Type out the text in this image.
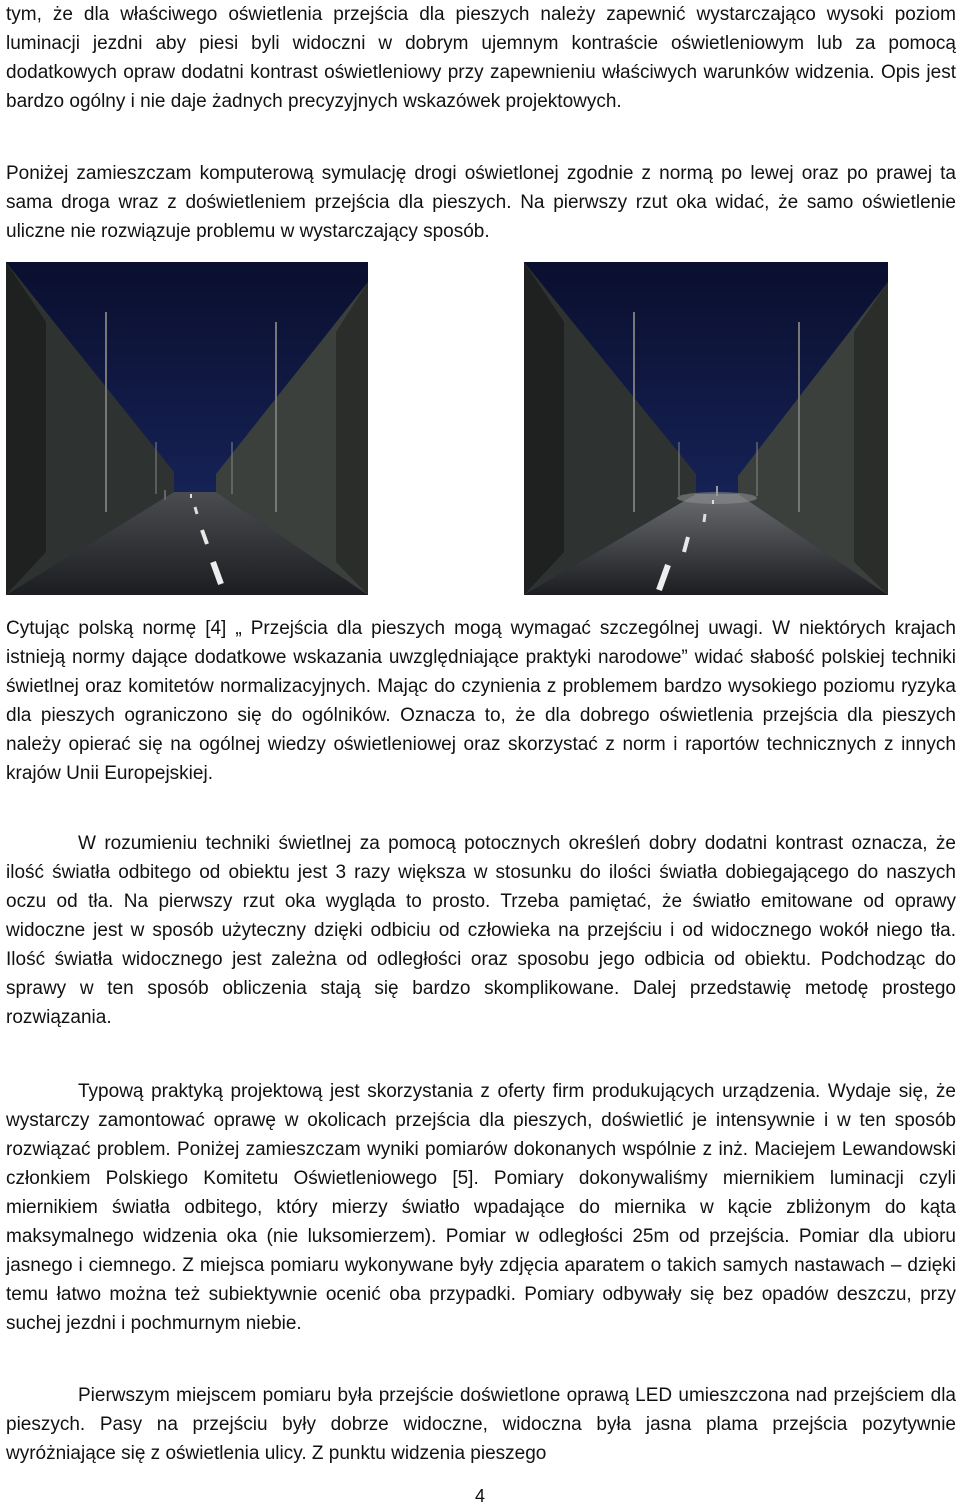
tym, że dla właściwego oświetlenia przejścia dla pieszych należy zapewnić wystarczająco wysoki poziom luminacji jezdni aby piesi byli widoczni w dobrym ujemnym kontraście oświetleniowym lub za pomocą dodatkowych opraw dodatni kontrast oświetleniowy przy zapewnieniu właściwych warunków widzenia. Opis jest bardzo ogólny i nie daje żadnych precyzyjnych wskazówek projektowych.

Poniżej zamieszczam komputerową symulację drogi oświetlonej zgodnie z normą po lewej oraz po prawej ta sama droga wraz z doświetleniem przejścia dla pieszych. Na pierwszy rzut oka widać, że samo oświetlenie uliczne nie rozwiązuje problemu w wystarczający sposób.

Cytując polską normę [4] „ Przejścia dla pieszych mogą wymagać szczególnej uwagi. W niektórych krajach istnieją normy dające dodatkowe wskazania uwzględniające praktyki narodowe” widać słabość polskiej techniki świetlnej oraz komitetów normalizacyjnych. Mając do czynienia z problemem bardzo wysokiego poziomu ryzyka dla pieszych ograniczono się do ogólników. Oznacza to, że dla dobrego oświetlenia przejścia dla pieszych należy opierać się na ogólnej wiedzy oświetleniowej oraz skorzystać z norm i raportów technicznych z innych krajów Unii Europejskiej.

W rozumieniu techniki świetlnej za pomocą potocznych określeń dobry dodatni kontrast oznacza, że ilość światła odbitego od obiektu jest 3 razy większa w stosunku do ilości światła dobiegającego do naszych oczu od tła. Na pierwszy rzut oka wygląda to prosto. Trzeba pamiętać, że światło emitowane od oprawy widoczne jest w sposób użyteczny dzięki odbiciu od człowieka na przejściu i od widocznego wokół niego tła. Ilość światła widocznego jest zależna od odległości oraz sposobu jego odbicia od obiektu. Podchodząc do sprawy w ten sposób obliczenia stają się bardzo skomplikowane. Dalej przedstawię metodę prostego rozwiązania.

Typową praktyką projektową jest skorzystania z oferty firm produkujących urządzenia. Wydaje się, że wystarczy zamontować oprawę w okolicach przejścia dla pieszych, doświetlić je intensywnie i w ten sposób rozwiązać problem. Poniżej zamieszczam wyniki pomiarów dokonanych wspólnie z inż. Maciejem Lewandowski członkiem Polskiego Komitetu Oświetleniowego [5]. Pomiary dokonywaliśmy miernikiem luminacji czyli miernikiem światła odbitego, który mierzy światło wpadające do miernika w kącie zbliżonym do kąta maksymalnego widzenia oka (nie luksomierzem). Pomiar w odległości 25m od przejścia. Pomiar dla ubioru jasnego i ciemnego. Z miejsca pomiaru wykonywane były zdjęcia aparatem o takich samych nastawach – dzięki temu łatwo można też subiektywnie ocenić oba przypadki. Pomiary odbywały się bez opadów deszczu, przy suchej jezdni i pochmurnym niebie.

Pierwszym miejscem pomiaru była przejście doświetlone oprawą LED umieszczona nad przejściem dla pieszych. Pasy na przejściu były dobrze widoczne, widoczna była jasna plama przejścia pozytywnie wyróżniające się z oświetlenia ulicy. Z punktu widzenia pieszego

4
